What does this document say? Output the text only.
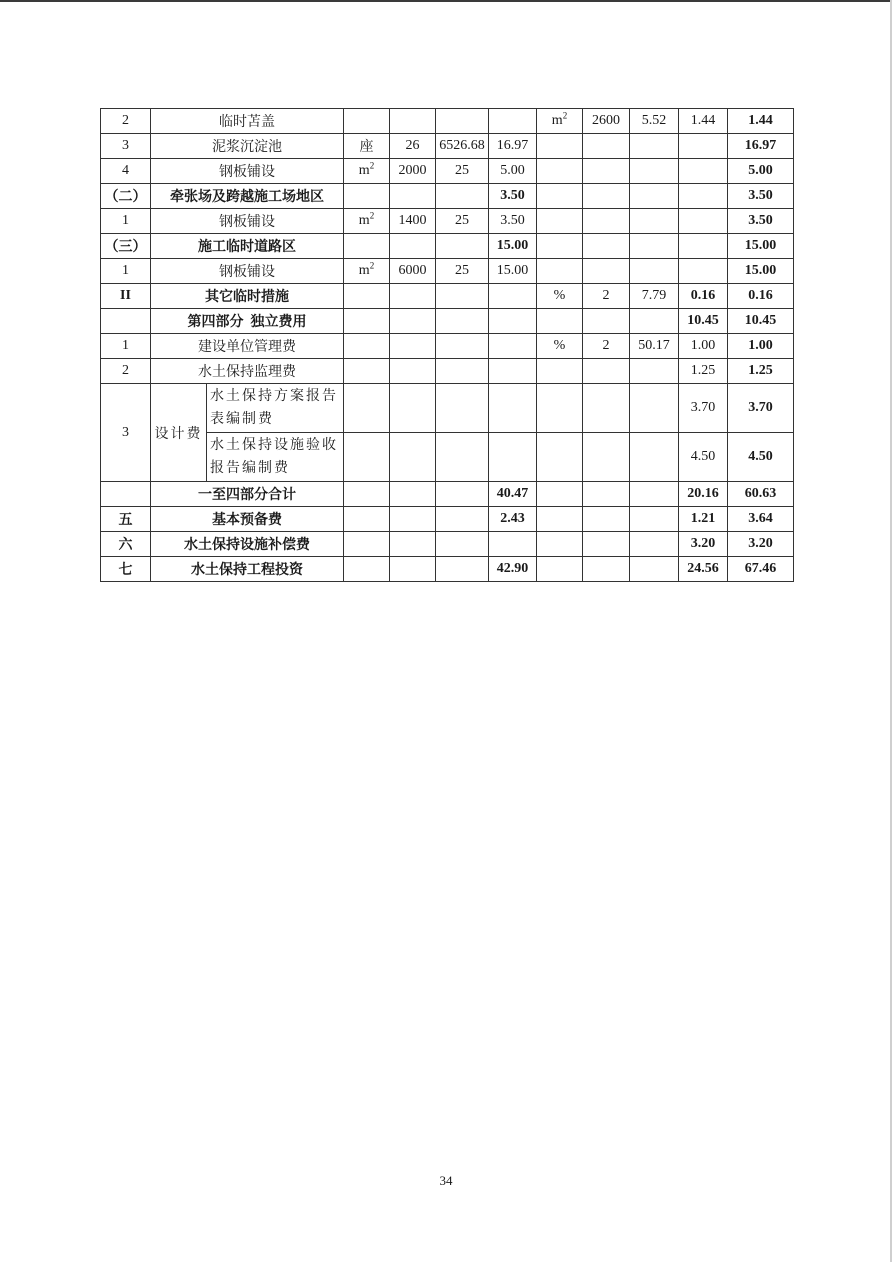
2	临时苫盖						$m^2$	2600	5.52	1.44	1.44
3	泥浆沉淀池		座	26	6526.68	16.97					16.97
4	钢板铺设		$m^2$	2000	25	5.00					5.00
（二）	牵张场及跨越施工场地区					3.50					3.50
1	钢板铺设		$m^2$	1400	25	3.50					3.50
（三）	施工临时道路区					15.00					15.00
1	钢板铺设		$m^2$	6000	25	15.00					15.00
II	其它临时措施						%	2	7.79	0.16	0.16
	第四部分  独立费用									10.45	10.45
1	建设单位管理费						%	2	50.17	1.00	1.00
2	水土保持监理费									1.25	1.25
3	设计费	水土保持方案报告表编制费								3.70	3.70
		水土保持设施验收报告编制费								4.50	4.50
	一至四部分合计					40.47				20.16	60.63
五	基本预备费					2.43				1.21	3.64
六	水土保持设施补偿费									3.20	3.20
七	水土保持工程投资					42.90				24.56	67.46
34
